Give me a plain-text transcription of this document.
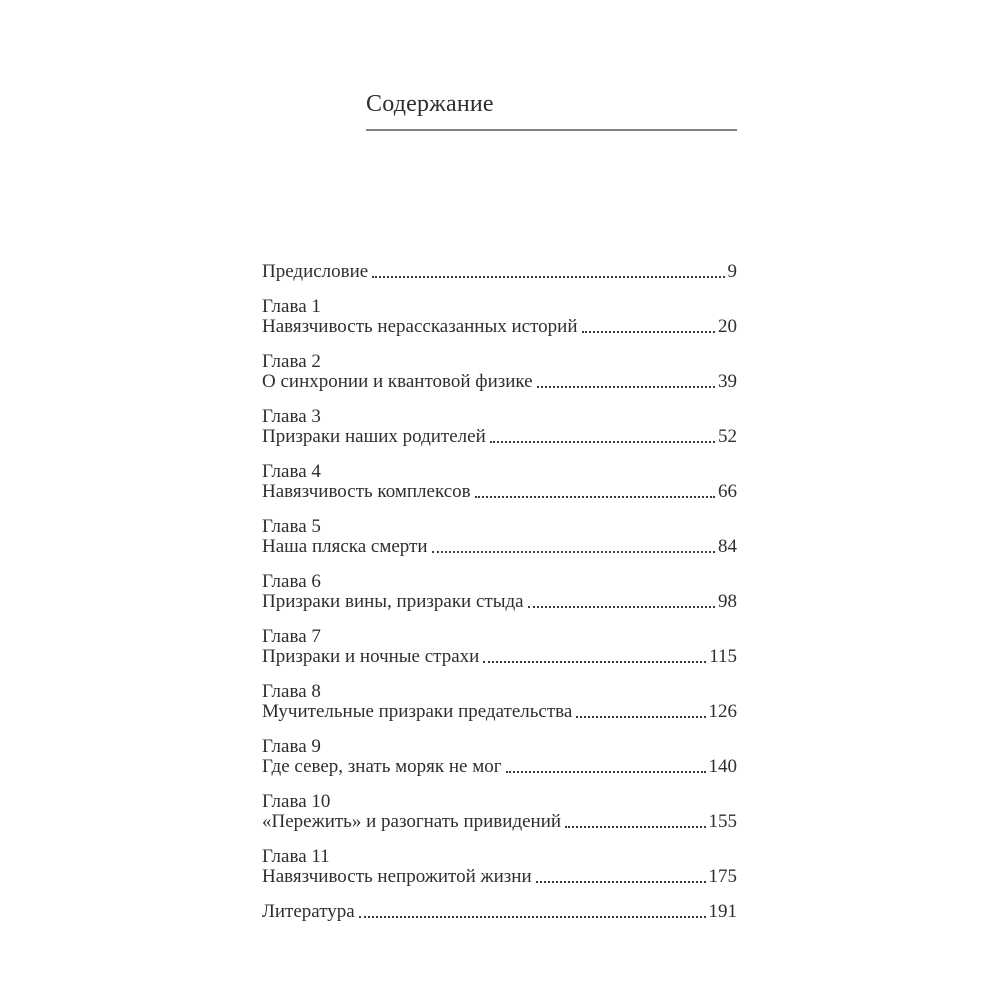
Содержание
Предисловие	9
Глава 1
Навязчивость нерассказанных историй	20
Глава 2
О синхронии и квантовой физике	39
Глава 3
Призраки наших родителей	52
Глава 4
Навязчивость комплексов	66
Глава 5
Наша пляска смерти	84
Глава 6
Призраки вины, призраки стыда	98
Глава 7
Призраки и ночные страхи	115
Глава 8
Мучительные призраки предательства	126
Глава 9
Где север, знать моряк не мог	140
Глава 10
«Пережить» и разогнать привидений	155
Глава 11
Навязчивость непрожитой жизни	175
Литература	191
